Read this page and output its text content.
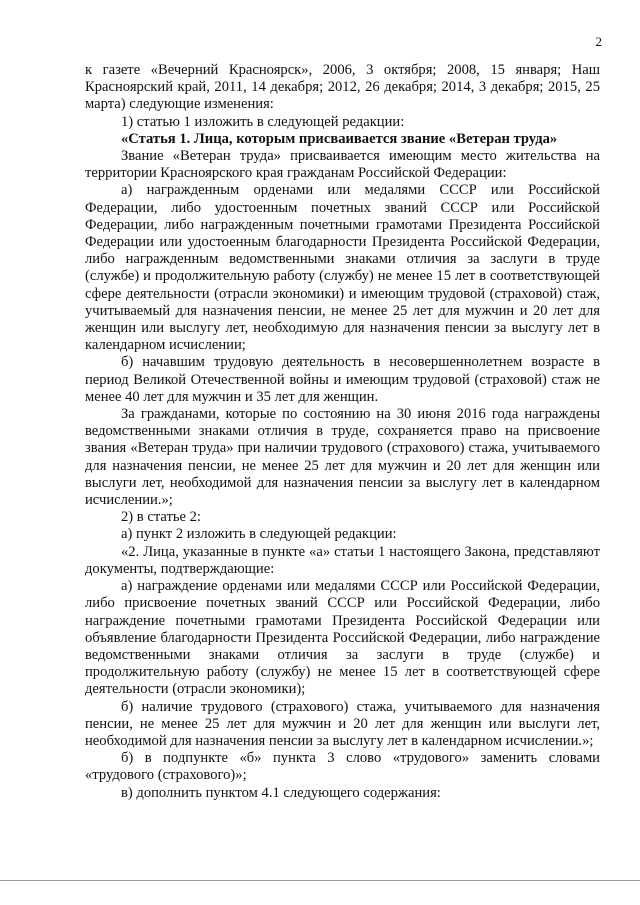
2

к газете «Вечерний Красноярск», 2006, 3 октября; 2008, 15 января; Наш Красноярский край, 2011, 14 декабря; 2012, 26 декабря; 2014, 3 декабря; 2015, 25 марта) следующие изменения:

1) статью 1 изложить в следующей редакции:

«Статья 1. Лица, которым присваивается звание «Ветеран труда»

Звание «Ветеран труда» присваивается имеющим место жительства на территории Красноярского края гражданам Российской Федерации:

а) награжденным орденами или медалями СССР или Российской Федерации, либо удостоенным почетных званий СССР или Российской Федерации, либо награжденным почетными грамотами Президента Российской Федерации или удостоенным благодарности Президента Российской Федерации, либо награжденным ведомственными знаками отличия за заслуги в труде (службе) и продолжительную работу (службу) не менее 15 лет в соответствующей сфере деятельности (отрасли экономики) и имеющим трудовой (страховой) стаж, учитываемый для назначения пенсии, не менее 25 лет для мужчин и 20 лет для женщин или выслугу лет, необходимую для назначения пенсии за выслугу лет в календарном исчислении;

б) начавшим трудовую деятельность в несовершеннолетнем возрасте в период Великой Отечественной войны и имеющим трудовой (страховой) стаж не менее 40 лет для мужчин и 35 лет для женщин.

За гражданами, которые по состоянию на 30 июня 2016 года награждены ведомственными знаками отличия в труде, сохраняется право на присвоение звания «Ветеран труда» при наличии трудового (страхового) стажа, учитываемого для назначения пенсии, не менее 25 лет для мужчин и 20 лет для женщин или выслуги лет, необходимой для назначения пенсии за выслугу лет в календарном исчислении.»;

2) в статье 2:

а) пункт 2 изложить в следующей редакции:

«2. Лица, указанные в пункте «а» статьи 1 настоящего Закона, представляют документы, подтверждающие:

а) награждение орденами или медалями СССР или Российской Федерации, либо присвоение почетных званий СССР или Российской Федерации, либо награждение почетными грамотами Президента Российской Федерации или объявление благодарности Президента Российской Федерации, либо награждение ведомственными знаками отличия за заслуги в труде (службе) и продолжительную работу (службу) не менее 15 лет в соответствующей сфере деятельности (отрасли экономики);

б) наличие трудового (страхового) стажа, учитываемого для назначения пенсии, не менее 25 лет для мужчин и 20 лет для женщин или выслуги лет, необходимой для назначения пенсии за выслугу лет в календарном исчислении.»;

б) в подпункте «б» пункта 3 слово «трудового» заменить словами «трудового (страхового)»;

в) дополнить пунктом 4.1 следующего содержания:
